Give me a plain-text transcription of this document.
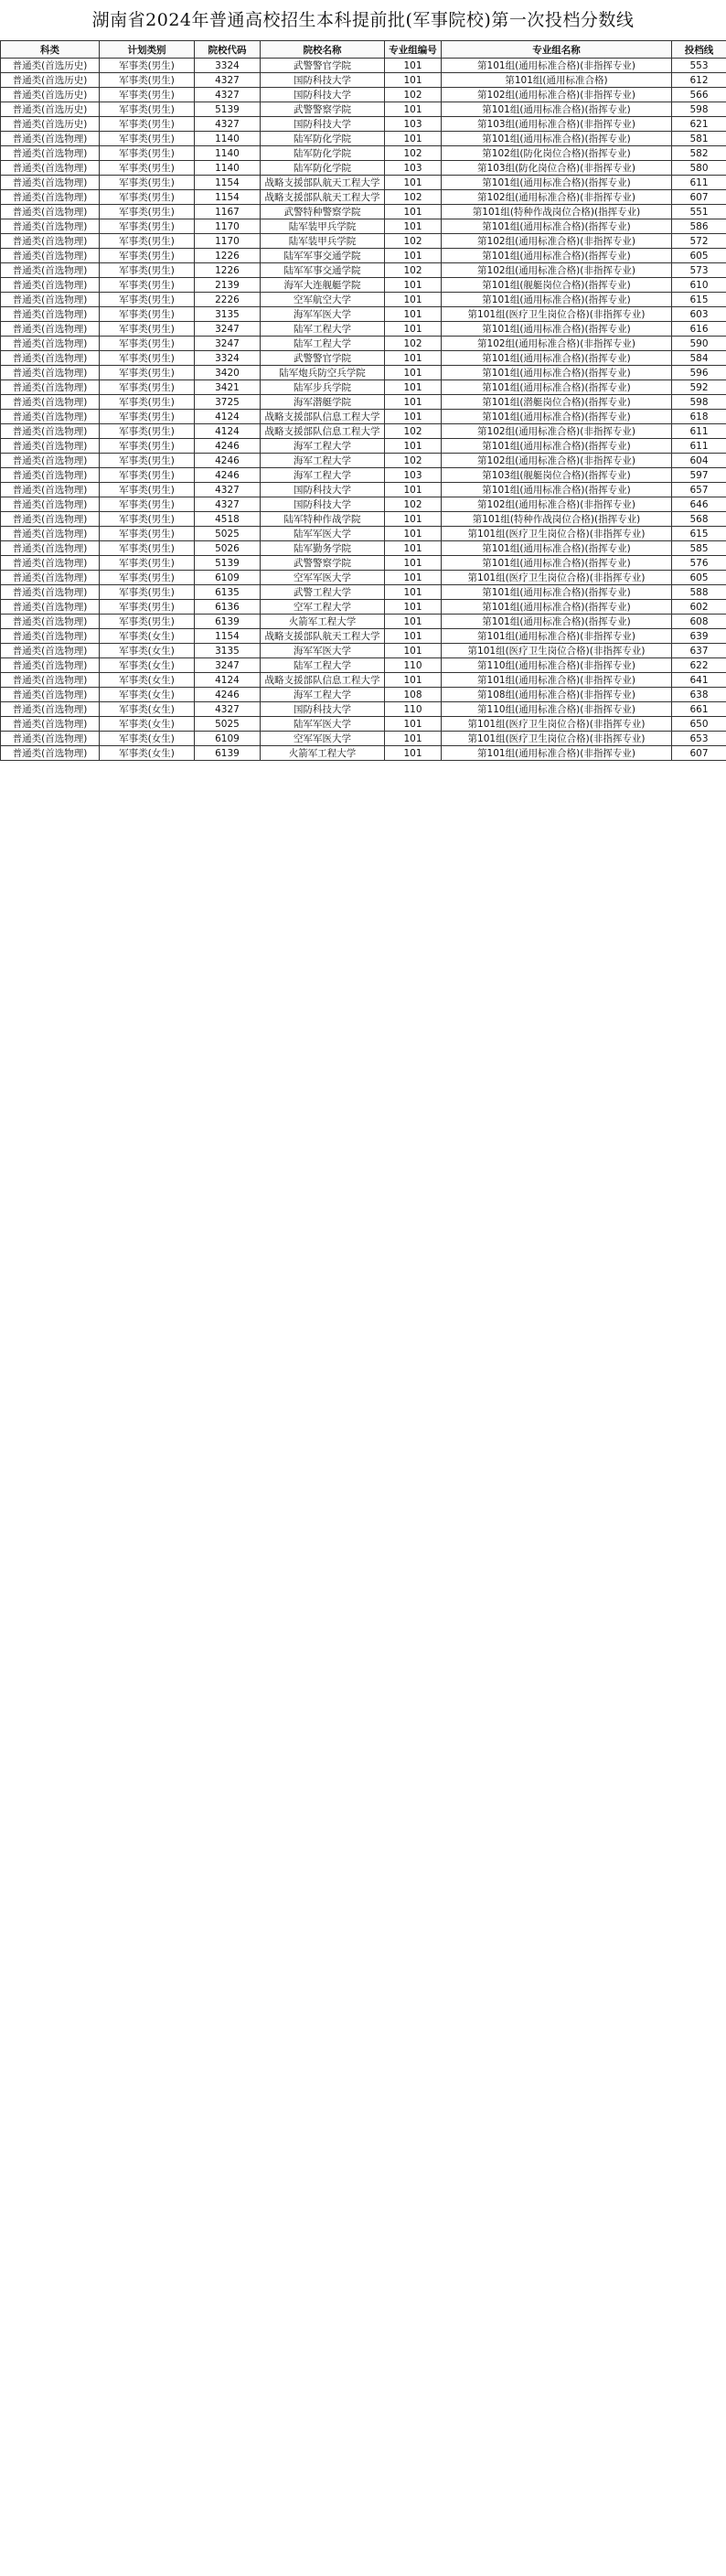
湖南省2024年普通高校招生本科提前批(军事院校)第一次投档分数线
科类	计划类别	院校代码	院校名称	专业组编号	专业组名称	投档线
普通类(首选历史)	军事类(男生)	3324	武警警官学院	101	第101组(通用标准合格)(非指挥专业)	553
普通类(首选历史)	军事类(男生)	4327	国防科技大学	101	第101组(通用标准合格)	612
普通类(首选历史)	军事类(男生)	4327	国防科技大学	102	第102组(通用标准合格)(非指挥专业)	566
普通类(首选历史)	军事类(男生)	5139	武警警察学院	101	第101组(通用标准合格)(指挥专业)	598
普通类(首选历史)	军事类(男生)	4327	国防科技大学	103	第103组(通用标准合格)(非指挥专业)	621
普通类(首选物理)	军事类(男生)	1140	陆军防化学院	101	第101组(通用标准合格)(指挥专业)	581
普通类(首选物理)	军事类(男生)	1140	陆军防化学院	102	第102组(防化岗位合格)(指挥专业)	582
普通类(首选物理)	军事类(男生)	1140	陆军防化学院	103	第103组(防化岗位合格)(非指挥专业)	580
普通类(首选物理)	军事类(男生)	1154	战略支援部队航天工程大学	101	第101组(通用标准合格)(指挥专业)	611
普通类(首选物理)	军事类(男生)	1154	战略支援部队航天工程大学	102	第102组(通用标准合格)(非指挥专业)	607
普通类(首选物理)	军事类(男生)	1167	武警特种警察学院	101	第101组(特种作战岗位合格)(指挥专业)	551
普通类(首选物理)	军事类(男生)	1170	陆军装甲兵学院	101	第101组(通用标准合格)(指挥专业)	586
普通类(首选物理)	军事类(男生)	1170	陆军装甲兵学院	102	第102组(通用标准合格)(非指挥专业)	572
普通类(首选物理)	军事类(男生)	1226	陆军军事交通学院	101	第101组(通用标准合格)(指挥专业)	605
普通类(首选物理)	军事类(男生)	1226	陆军军事交通学院	102	第102组(通用标准合格)(非指挥专业)	573
普通类(首选物理)	军事类(男生)	2139	海军大连舰艇学院	101	第101组(舰艇岗位合格)(指挥专业)	610
普通类(首选物理)	军事类(男生)	2226	空军航空大学	101	第101组(通用标准合格)(指挥专业)	615
普通类(首选物理)	军事类(男生)	3135	海军军医大学	101	第101组(医疗卫生岗位合格)(非指挥专业)	603
普通类(首选物理)	军事类(男生)	3247	陆军工程大学	101	第101组(通用标准合格)(指挥专业)	616
普通类(首选物理)	军事类(男生)	3247	陆军工程大学	102	第102组(通用标准合格)(非指挥专业)	590
普通类(首选物理)	军事类(男生)	3324	武警警官学院	101	第101组(通用标准合格)(指挥专业)	584
普通类(首选物理)	军事类(男生)	3420	陆军炮兵防空兵学院	101	第101组(通用标准合格)(指挥专业)	596
普通类(首选物理)	军事类(男生)	3421	陆军步兵学院	101	第101组(通用标准合格)(指挥专业)	592
普通类(首选物理)	军事类(男生)	3725	海军潜艇学院	101	第101组(潜艇岗位合格)(指挥专业)	598
普通类(首选物理)	军事类(男生)	4124	战略支援部队信息工程大学	101	第101组(通用标准合格)(指挥专业)	618
普通类(首选物理)	军事类(男生)	4124	战略支援部队信息工程大学	102	第102组(通用标准合格)(非指挥专业)	611
普通类(首选物理)	军事类(男生)	4246	海军工程大学	101	第101组(通用标准合格)(指挥专业)	611
普通类(首选物理)	军事类(男生)	4246	海军工程大学	102	第102组(通用标准合格)(非指挥专业)	604
普通类(首选物理)	军事类(男生)	4246	海军工程大学	103	第103组(舰艇岗位合格)(指挥专业)	597
普通类(首选物理)	军事类(男生)	4327	国防科技大学	101	第101组(通用标准合格)(指挥专业)	657
普通类(首选物理)	军事类(男生)	4327	国防科技大学	102	第102组(通用标准合格)(非指挥专业)	646
普通类(首选物理)	军事类(男生)	4518	陆军特种作战学院	101	第101组(特种作战岗位合格)(指挥专业)	568
普通类(首选物理)	军事类(男生)	5025	陆军军医大学	101	第101组(医疗卫生岗位合格)(非指挥专业)	615
普通类(首选物理)	军事类(男生)	5026	陆军勤务学院	101	第101组(通用标准合格)(指挥专业)	585
普通类(首选物理)	军事类(男生)	5139	武警警察学院	101	第101组(通用标准合格)(指挥专业)	576
普通类(首选物理)	军事类(男生)	6109	空军军医大学	101	第101组(医疗卫生岗位合格)(非指挥专业)	605
普通类(首选物理)	军事类(男生)	6135	武警工程大学	101	第101组(通用标准合格)(指挥专业)	588
普通类(首选物理)	军事类(男生)	6136	空军工程大学	101	第101组(通用标准合格)(指挥专业)	602
普通类(首选物理)	军事类(男生)	6139	火箭军工程大学	101	第101组(通用标准合格)(指挥专业)	608
普通类(首选物理)	军事类(女生)	1154	战略支援部队航天工程大学	101	第101组(通用标准合格)(非指挥专业)	639
普通类(首选物理)	军事类(女生)	3135	海军军医大学	101	第101组(医疗卫生岗位合格)(非指挥专业)	637
普通类(首选物理)	军事类(女生)	3247	陆军工程大学	110	第110组(通用标准合格)(非指挥专业)	622
普通类(首选物理)	军事类(女生)	4124	战略支援部队信息工程大学	101	第101组(通用标准合格)(非指挥专业)	641
普通类(首选物理)	军事类(女生)	4246	海军工程大学	108	第108组(通用标准合格)(非指挥专业)	638
普通类(首选物理)	军事类(女生)	4327	国防科技大学	110	第110组(通用标准合格)(非指挥专业)	661
普通类(首选物理)	军事类(女生)	5025	陆军军医大学	101	第101组(医疗卫生岗位合格)(非指挥专业)	650
普通类(首选物理)	军事类(女生)	6109	空军军医大学	101	第101组(医疗卫生岗位合格)(非指挥专业)	653
普通类(首选物理)	军事类(女生)	6139	火箭军工程大学	101	第101组(通用标准合格)(非指挥专业)	607
